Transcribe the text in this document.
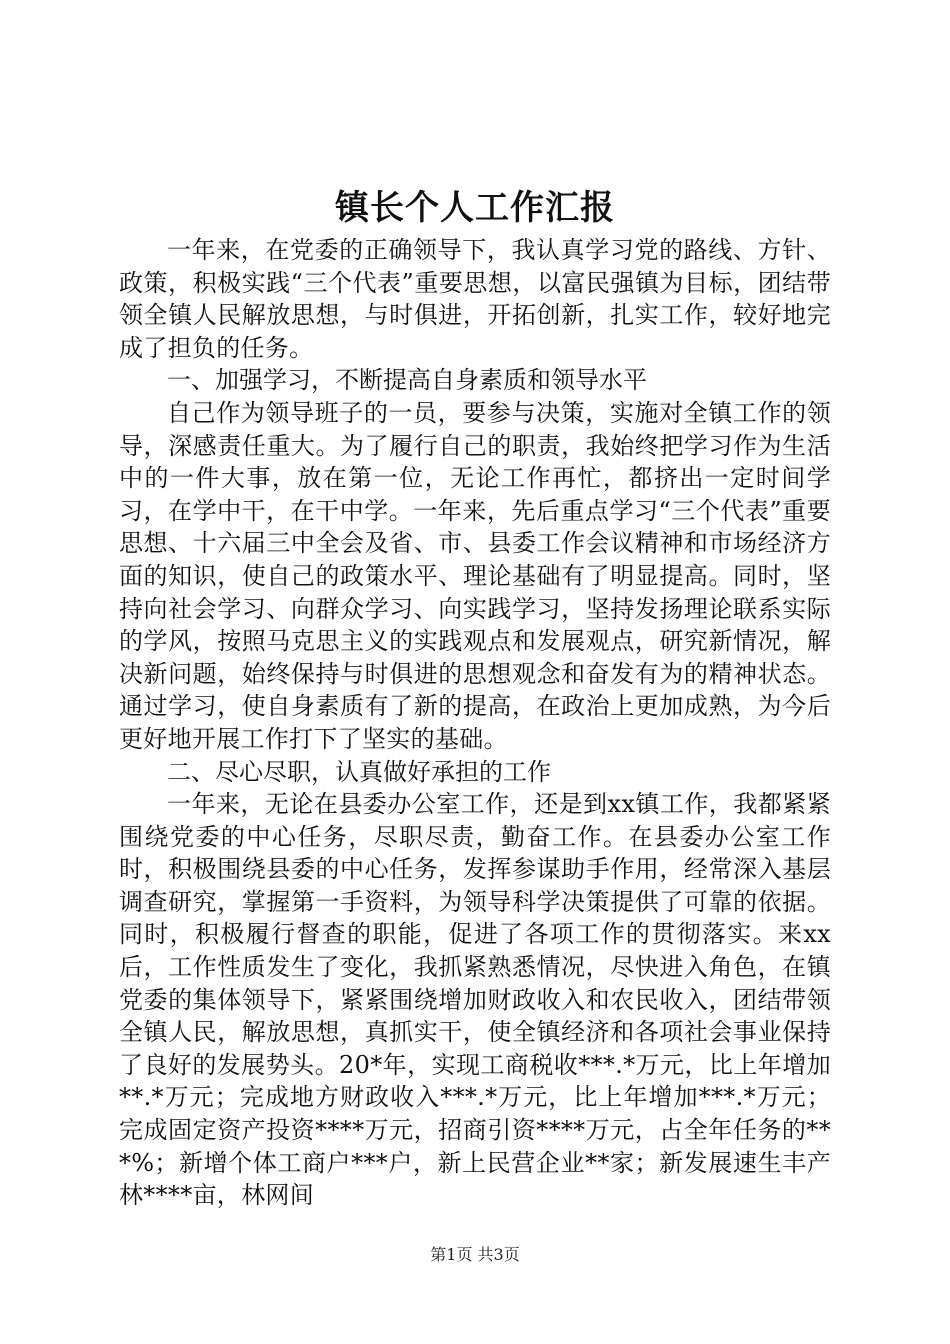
镇长个人工作汇报

一年来，在党委的正确领导下，我认真学习党的路线、方针、政策，积极实践“三个代表”重要思想，以富民强镇为目标，团结带领全镇人民解放思想，与时俱进，开拓创新，扎实工作，较好地完成了担负的任务。

一、加强学习，不断提高自身素质和领导水平

自己作为领导班子的一员，要参与决策，实施对全镇工作的领导，深感责任重大。为了履行自己的职责，我始终把学习作为生活中的一件大事，放在第一位，无论工作再忙，都挤出一定时间学习，在学中干，在干中学。一年来，先后重点学习“三个代表”重要思想、十六届三中全会及省、市、县委工作会议精神和市场经济方面的知识，使自己的政策水平、理论基础有了明显提高。同时，坚持向社会学习、向群众学习、向实践学习，坚持发扬理论联系实际的学风，按照马克思主义的实践观点和发展观点，研究新情况，解决新问题，始终保持与时俱进的思想观念和奋发有为的精神状态。通过学习，使自身素质有了新的提高，在政治上更加成熟，为今后更好地开展工作打下了坚实的基础。

二、尽心尽职，认真做好承担的工作

一年来，无论在县委办公室工作，还是到xx镇工作，我都紧紧围绕党委的中心任务，尽职尽责，勤奋工作。在县委办公室工作时，积极围绕县委的中心任务，发挥参谋助手作用，经常深入基层调查研究，掌握第一手资料，为领导科学决策提供了可靠的依据。同时，积极履行督查的职能，促进了各项工作的贯彻落实。来xx后，工作性质发生了变化，我抓紧熟悉情况，尽快进入角色，在镇党委的集体领导下，紧紧围绕增加财政收入和农民收入，团结带领全镇人民，解放思想，真抓实干，使全镇经济和各项社会事业保持了良好的发展势头。20*年，实现工商税收***.*万元，比上年增加**.*万元；完成地方财政收入***.*万元，比上年增加***.*万元；完成固定资产投资****万元，招商引资****万元，占全年任务的***%；新增个体工商户***户，新上民营企业**家；新发展速生丰产林****亩，林网间

第1页 共3页
